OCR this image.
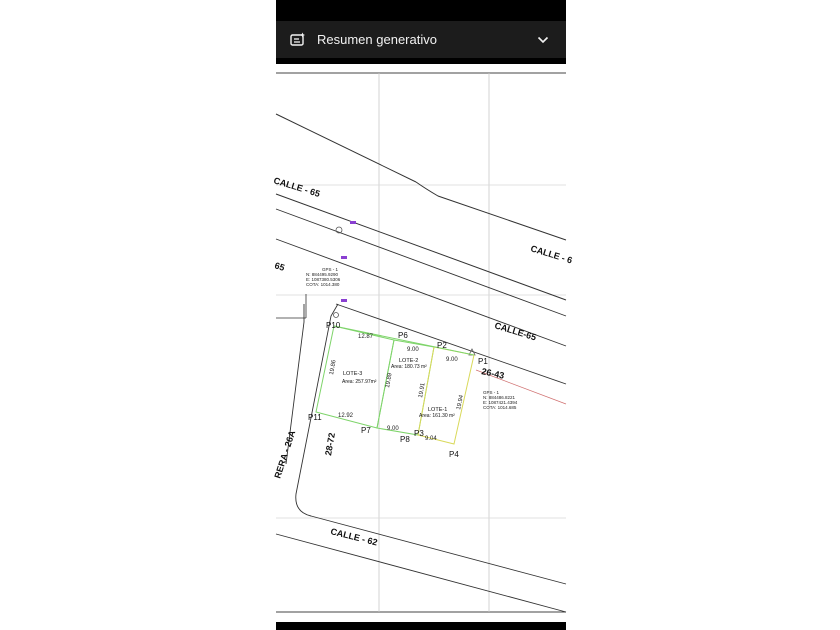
Resumen generativo
P10
P6
P2
P1
P11
P7
P8
P3
P4
12.87
9.00
9.00
19.86
19.89
19.91
19.94
12.92
9.00
9.04
LOTE-3
Area: 257.97m²
LOTE-2
Area: 180.73 m²
LOTE-1
Area: 161.30 m²
CALLE - 65
CALLE - 6
65
CALLE-65
RERA - 26A
CALLE - 62
26-43
28-72
GPS - 1
N: 884495.9290
E: 1087380.5306
COTA: 1014.380
GPS - 1
N: 884486.8221
E: 1087421.4394
COTA: 1014.685
